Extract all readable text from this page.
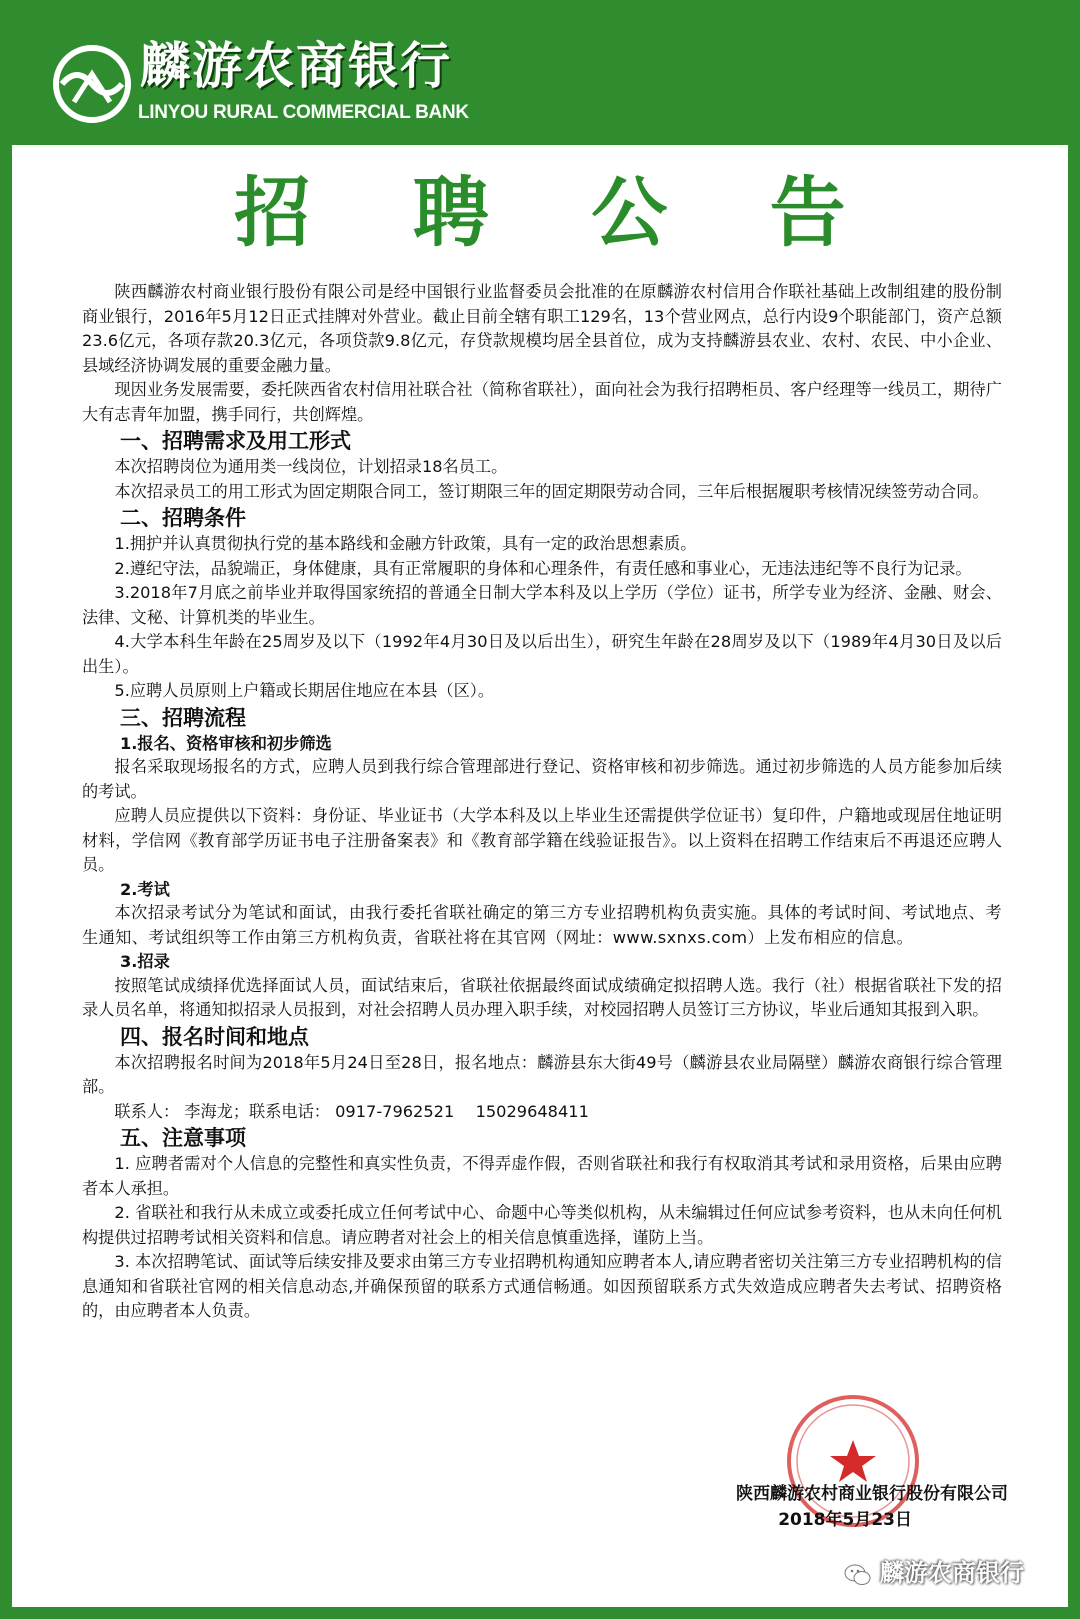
麟游农商银行
LINYOU RURAL COMMERCIAL BANK
招 聘 公 告

陕西麟游农村商业银行股份有限公司是经中国银行业监督委员会批准的在原麟游农村信用合作联社基础上改制组建的股份制商业银行，2016年5月12日正式挂牌对外营业。截止目前全辖有职工129名，13个营业网点，总行内设9个职能部门，资产总额23.6亿元，各项存款20.3亿元，各项贷款9.8亿元，存贷款规模均居全县首位，成为支持麟游县农业、农村、农民、中小企业、县域经济协调发展的重要金融力量。

现因业务发展需要，委托陕西省农村信用社联合社（简称省联社），面向社会为我行招聘柜员、客户经理等一线员工，期待广大有志青年加盟，携手同行，共创辉煌。

一、招聘需求及用工形式

本次招聘岗位为通用类一线岗位，计划招录18名员工。

本次招录员工的用工形式为固定期限合同工，签订期限三年的固定期限劳动合同，三年后根据履职考核情况续签劳动合同。

二、招聘条件

1.拥护并认真贯彻执行党的基本路线和金融方针政策，具有一定的政治思想素质。

2.遵纪守法，品貌端正，身体健康，具有正常履职的身体和心理条件，有责任感和事业心，无违法违纪等不良行为记录。

3.2018年7月底之前毕业并取得国家统招的普通全日制大学本科及以上学历（学位）证书，所学专业为经济、金融、财会、法律、文秘、计算机类的毕业生。

4.大学本科生年龄在25周岁及以下（1992年4月30日及以后出生），研究生年龄在28周岁及以下（1989年4月30日及以后出生）。

5.应聘人员原则上户籍或长期居住地应在本县（区）。

三、招聘流程
1.报名、资格审核和初步筛选

报名采取现场报名的方式，应聘人员到我行综合管理部进行登记、资格审核和初步筛选。通过初步筛选的人员方能参加后续的考试。

应聘人员应提供以下资料：身份证、毕业证书（大学本科及以上毕业生还需提供学位证书）复印件，户籍地或现居住地证明材料，学信网《教育部学历证书电子注册备案表》和《教育部学籍在线验证报告》。以上资料在招聘工作结束后不再退还应聘人员。

2.考试

本次招录考试分为笔试和面试，由我行委托省联社确定的第三方专业招聘机构负责实施。具体的考试时间、考试地点、考生通知、考试组织等工作由第三方机构负责，省联社将在其官网（网址：www.sxnxs.com）上发布相应的信息。

3.招录

按照笔试成绩择优选择面试人员，面试结束后，省联社依据最终面试成绩确定拟招聘人选。我行（社）根据省联社下发的招录人员名单，将通知拟招录人员报到，对社会招聘人员办理入职手续，对校园招聘人员签订三方协议，毕业后通知其报到入职。

四、报名时间和地点

本次招聘报名时间为2018年5月24日至28日，报名地点：麟游县东大街49号（麟游县农业局隔壁）麟游农商银行综合管理部。

联系人： 李海龙；联系电话： 0917-7962521　 15029648411

五、注意事项

1. 应聘者需对个人信息的完整性和真实性负责，不得弄虚作假，否则省联社和我行有权取消其考试和录用资格，后果由应聘者本人承担。

2. 省联社和我行从未成立或委托成立任何考试中心、命题中心等类似机构，从未编辑过任何应试参考资料，也从未向任何机构提供过招聘考试相关资料和信息。请应聘者对社会上的相关信息慎重选择，谨防上当。

3. 本次招聘笔试、面试等后续安排及要求由第三方专业招聘机构通知应聘者本人,请应聘者密切关注第三方专业招聘机构的信息通知和省联社官网的相关信息动态,并确保预留的联系方式通信畅通。如因预留联系方式失效造成应聘者失去考试、招聘资格的，由应聘者本人负责。

陕西麟游农村商业银行股份有限公司
2018年5月23日
麟游农商银行
